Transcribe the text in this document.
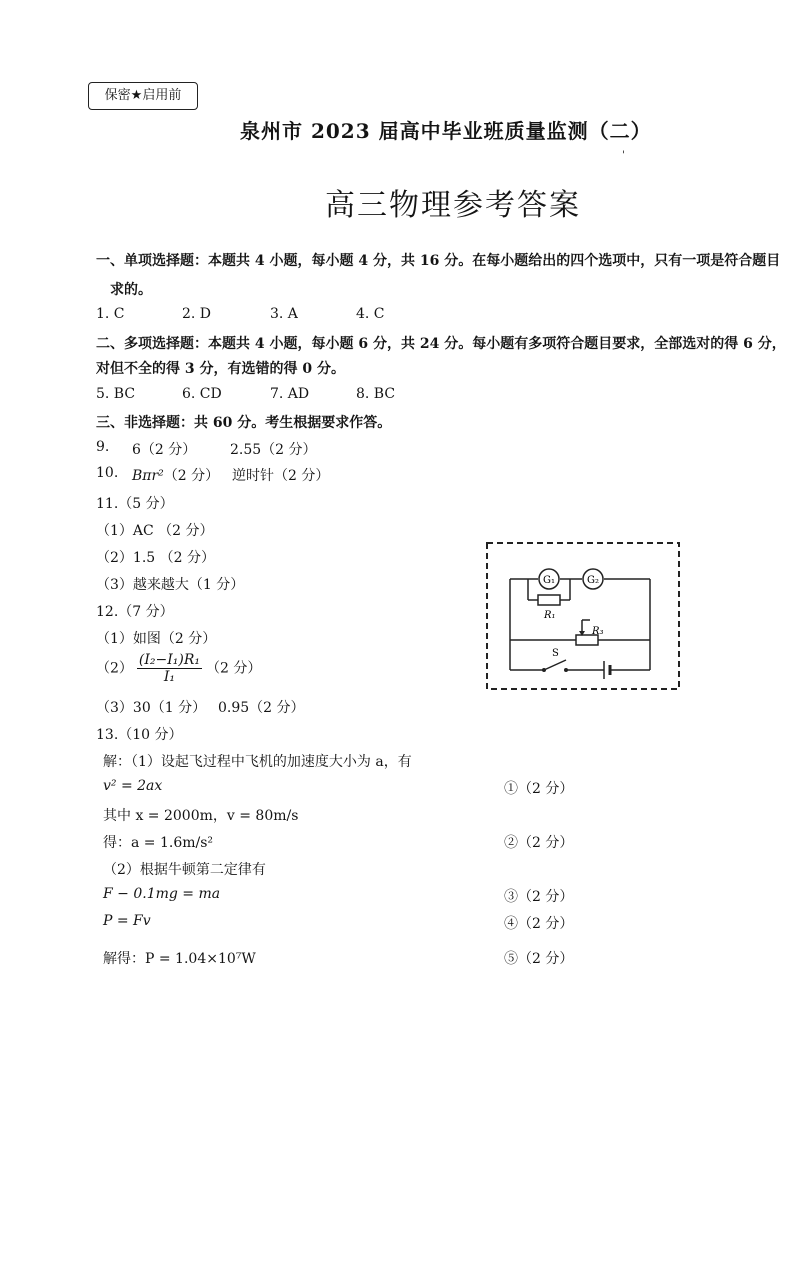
保密★启用前
泉州市 2023 届高中毕业班质量监测（二）
'
高三物理参考答案
一、单项选择题：本题共 4 小题，每小题 4 分，共 16 分。在每小题给出的四个选项中，只有一项是符合题目
求的。
1. C	2. D	3. A	4. C
二、多项选择题：本题共 4 小题，每小题 6 分，共 24 分。每小题有多项符合题目要求，全部选对的得 6 分，
对但不全的得 3 分，有选错的得 0 分。
5. BC	6. CD	7. AD	8. BC
三、非选择题：共 60 分。考生根据要求作答。
9. 6（2 分） 2.55（2 分）
10. Bπr²（2 分） 逆时针（2 分）
11.（5 分）
（1）AC （2 分）
（2）1.5 （2 分）
（3）越来越大（1 分）
12.（7 分）
（1）如图（2 分）
$(2) \frac{\text{(I₂−I₁)R₁}}{\text{I₁}} (2$ 分）
（3）30（1 分） 0.95（2 分）
13.（10 分）
解：（1）设起飞过程中飞机的加速度大小为 a，有
v² = 2ax	①（2 分）
其中 x = 2000m，v = 80m/s
得：a = 1.6m/s²	②（2 分）
（2）根据牛顿第二定律有
F − 0.1mg = ma	③（2 分）
P = Fv	④（2 分）
解得：P = 1.04×10⁷W	⑤（2 分）
G₁	G₂
R₁
R₃
S
